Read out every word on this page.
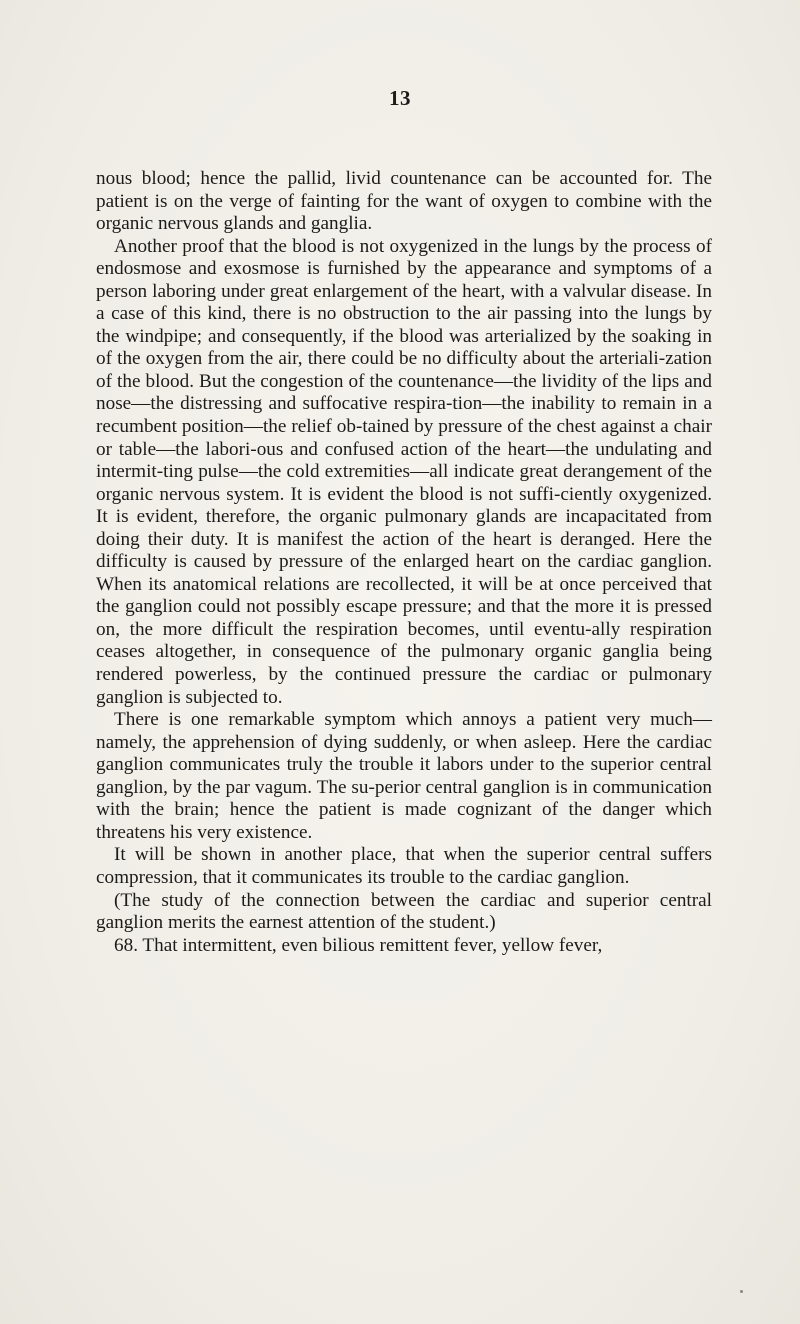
13

nous blood; hence the pallid, livid countenance can be accounted for. The patient is on the verge of fainting for the want of oxygen to combine with the organic nervous glands and ganglia.

Another proof that the blood is not oxygenized in the lungs by the process of endosmose and exosmose is furnished by the appearance and symptoms of a person laboring under great enlargement of the heart, with a valvular disease. In a case of this kind, there is no obstruction to the air passing into the lungs by the windpipe; and consequently, if the blood was arterialized by the soaking in of the oxygen from the air, there could be no difficulty about the arteriali-zation of the blood. But the congestion of the countenance—the lividity of the lips and nose—the distressing and suffocative respira-tion—the inability to remain in a recumbent position—the relief ob-tained by pressure of the chest against a chair or table—the labori-ous and confused action of the heart—the undulating and intermit-ting pulse—the cold extremities—all indicate great derangement of the organic nervous system. It is evident the blood is not suffi-ciently oxygenized. It is evident, therefore, the organic pulmonary glands are incapacitated from doing their duty. It is manifest the action of the heart is deranged. Here the difficulty is caused by pressure of the enlarged heart on the cardiac ganglion. When its anatomical relations are recollected, it will be at once perceived that the ganglion could not possibly escape pressure; and that the more it is pressed on, the more difficult the respiration becomes, until eventu-ally respiration ceases altogether, in consequence of the pulmonary organic ganglia being rendered powerless, by the continued pressure the cardiac or pulmonary ganglion is subjected to.

There is one remarkable symptom which annoys a patient very much—namely, the apprehension of dying suddenly, or when asleep. Here the cardiac ganglion communicates truly the trouble it labors under to the superior central ganglion, by the par vagum. The su-perior central ganglion is in communication with the brain; hence the patient is made cognizant of the danger which threatens his very existence.

It will be shown in another place, that when the superior central suffers compression, that it communicates its trouble to the cardiac ganglion.

(The study of the connection between the cardiac and superior central ganglion merits the earnest attention of the student.)

68. That intermittent, even bilious remittent fever, yellow fever,
